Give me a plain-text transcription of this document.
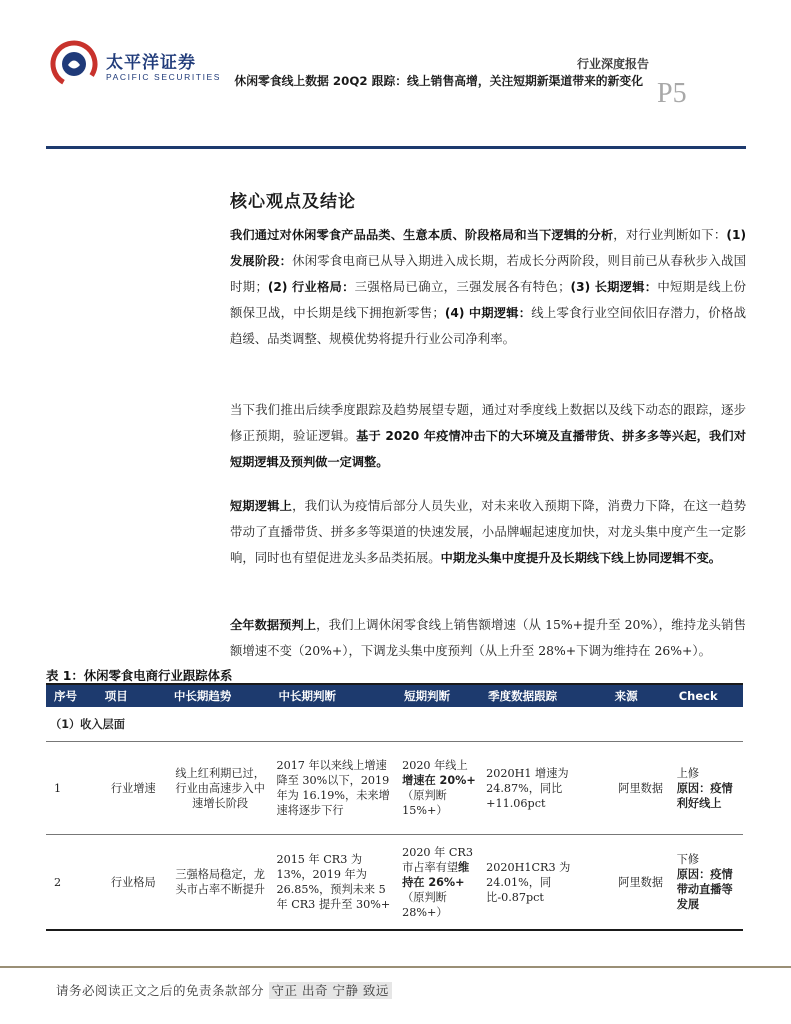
太平洋证券
PACIFIC SECURITIES
行业深度报告
休闲零食线上数据 20Q2 跟踪：线上销售高增，关注短期新渠道带来的新变化 P5
核心观点及结论

我们通过对休闲零食产品品类、生意本质、阶段格局和当下逻辑的分析，对行业判断如下：(1) 发展阶段：休闲零食电商已从导入期进入成长期，若成长分两阶段，则目前已从春秋步入战国时期；(2) 行业格局：三强格局已确立，三强发展各有特色；(3) 长期逻辑：中短期是线上份额保卫战，中长期是线下拥抱新零售；(4) 中期逻辑：线上零食行业空间依旧存潜力，价格战趋缓、品类调整、规模优势将提升行业公司净利率。

当下我们推出后续季度跟踪及趋势展望专题，通过对季度线上数据以及线下动态的跟踪，逐步修正预期，验证逻辑。基于 2020 年疫情冲击下的大环境及直播带货、拼多多等兴起，我们对短期逻辑及预判做一定调整。

短期逻辑上，我们认为疫情后部分人员失业，对未来收入预期下降，消费力下降，在这一趋势带动了直播带货、拼多多等渠道的快速发展，小品牌崛起速度加快，对龙头集中度产生一定影响，同时也有望促进龙头多品类拓展。中期龙头集中度提升及长期线下线上协同逻辑不变。

全年数据预判上，我们上调休闲零食线上销售额增速（从 15%+提升至 20%），维持龙头销售额增速不变（20%+），下调龙头集中度预判（从上升至 28%+下调为维持在 26%+）。

表 1：休闲零食电商行业跟踪体系
序号	项目	中长期趋势	中长期判断	短期判断	季度数据跟踪	来源	Check
（1）收入层面							
1	行业增速	线上红利期已过，行业由高速步入中速增长阶段	2017 年以来线上增速降至 30%以下，2019 年为 16.19%，未来增速将逐步下行	2020 年线上增速在 20%+（原判断 15%+）	2020H1 增速为 24.87%，同比+11.06pct	阿里数据	上修
原因：疫情利好线上
2	行业格局	三强格局稳定，龙头市占率不断提升	2015 年 CR3 为 13%，2019 年为 26.85%，预判未来 5 年 CR3 提升至 30%+	2020 年 CR3 市占率有望维持在 26%+（原判断 28%+）	2020H1CR3 为 24.01%，同比-0.87pct	阿里数据	下修
原因：疫情带动直播等发展
请务必阅读正文之后的免责条款部分 守正 出奇 宁静 致远
